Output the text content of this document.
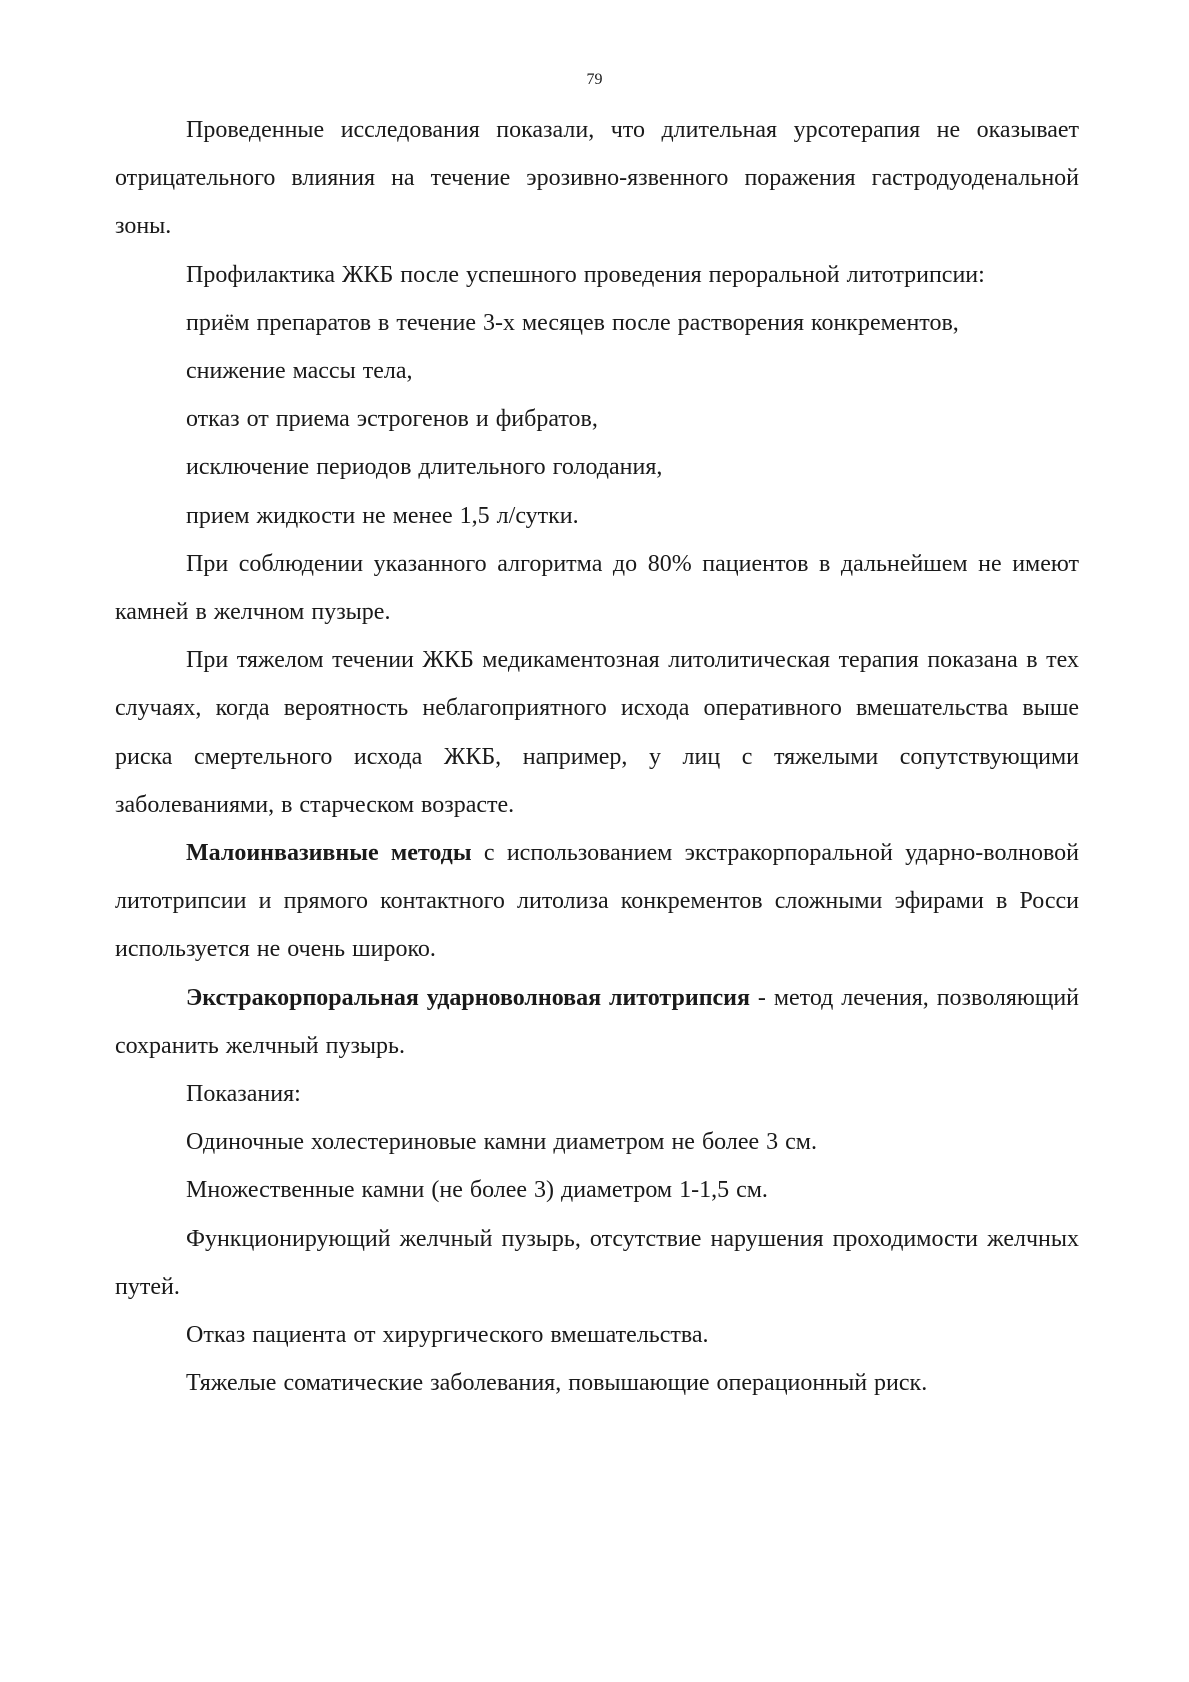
79

Проведенные исследования показали, что длительная урсотерапия не оказывает отрицательного влияния на течение эрозивно-язвенного поражения гастродуоденальной зоны.

Профилактика ЖКБ после успешного проведения пероральной литотрипсии:

приём препаратов в течение 3-х месяцев после растворения конкрементов,

снижение массы тела,

отказ от приема эстрогенов и фибратов,

исключение периодов длительного голодания,

прием жидкости не менее 1,5 л/сутки.

При соблюдении указанного алгоритма до 80% пациентов в дальнейшем не имеют камней в желчном пузыре.

При тяжелом течении ЖКБ медикаментозная литолитическая терапия показана в тех случаях, когда вероятность неблагоприятного исхода оперативного вмешательства выше риска смертельного исхода ЖКБ, например, у лиц с тяжелыми сопутствующими заболеваниями, в старческом возрасте.

Малоинвазивные методы с использованием экстракорпоральной ударно-волновой литотрипсии и прямого контактного литолиза конкрементов сложными эфирами в Росси используется не очень широко.

Экстракорпоральная ударноволновая литотрипсия - метод лечения, позволяющий сохранить желчный пузырь.

Показания:

Одиночные холестериновые камни диаметром не более 3 см.

Множественные камни (не более 3) диаметром 1-1,5 см.

Функционирующий желчный пузырь, отсутствие нарушения проходимости желчных путей.

Отказ пациента от хирургического вмешательства.

Тяжелые соматические заболевания, повышающие операционный риск.
